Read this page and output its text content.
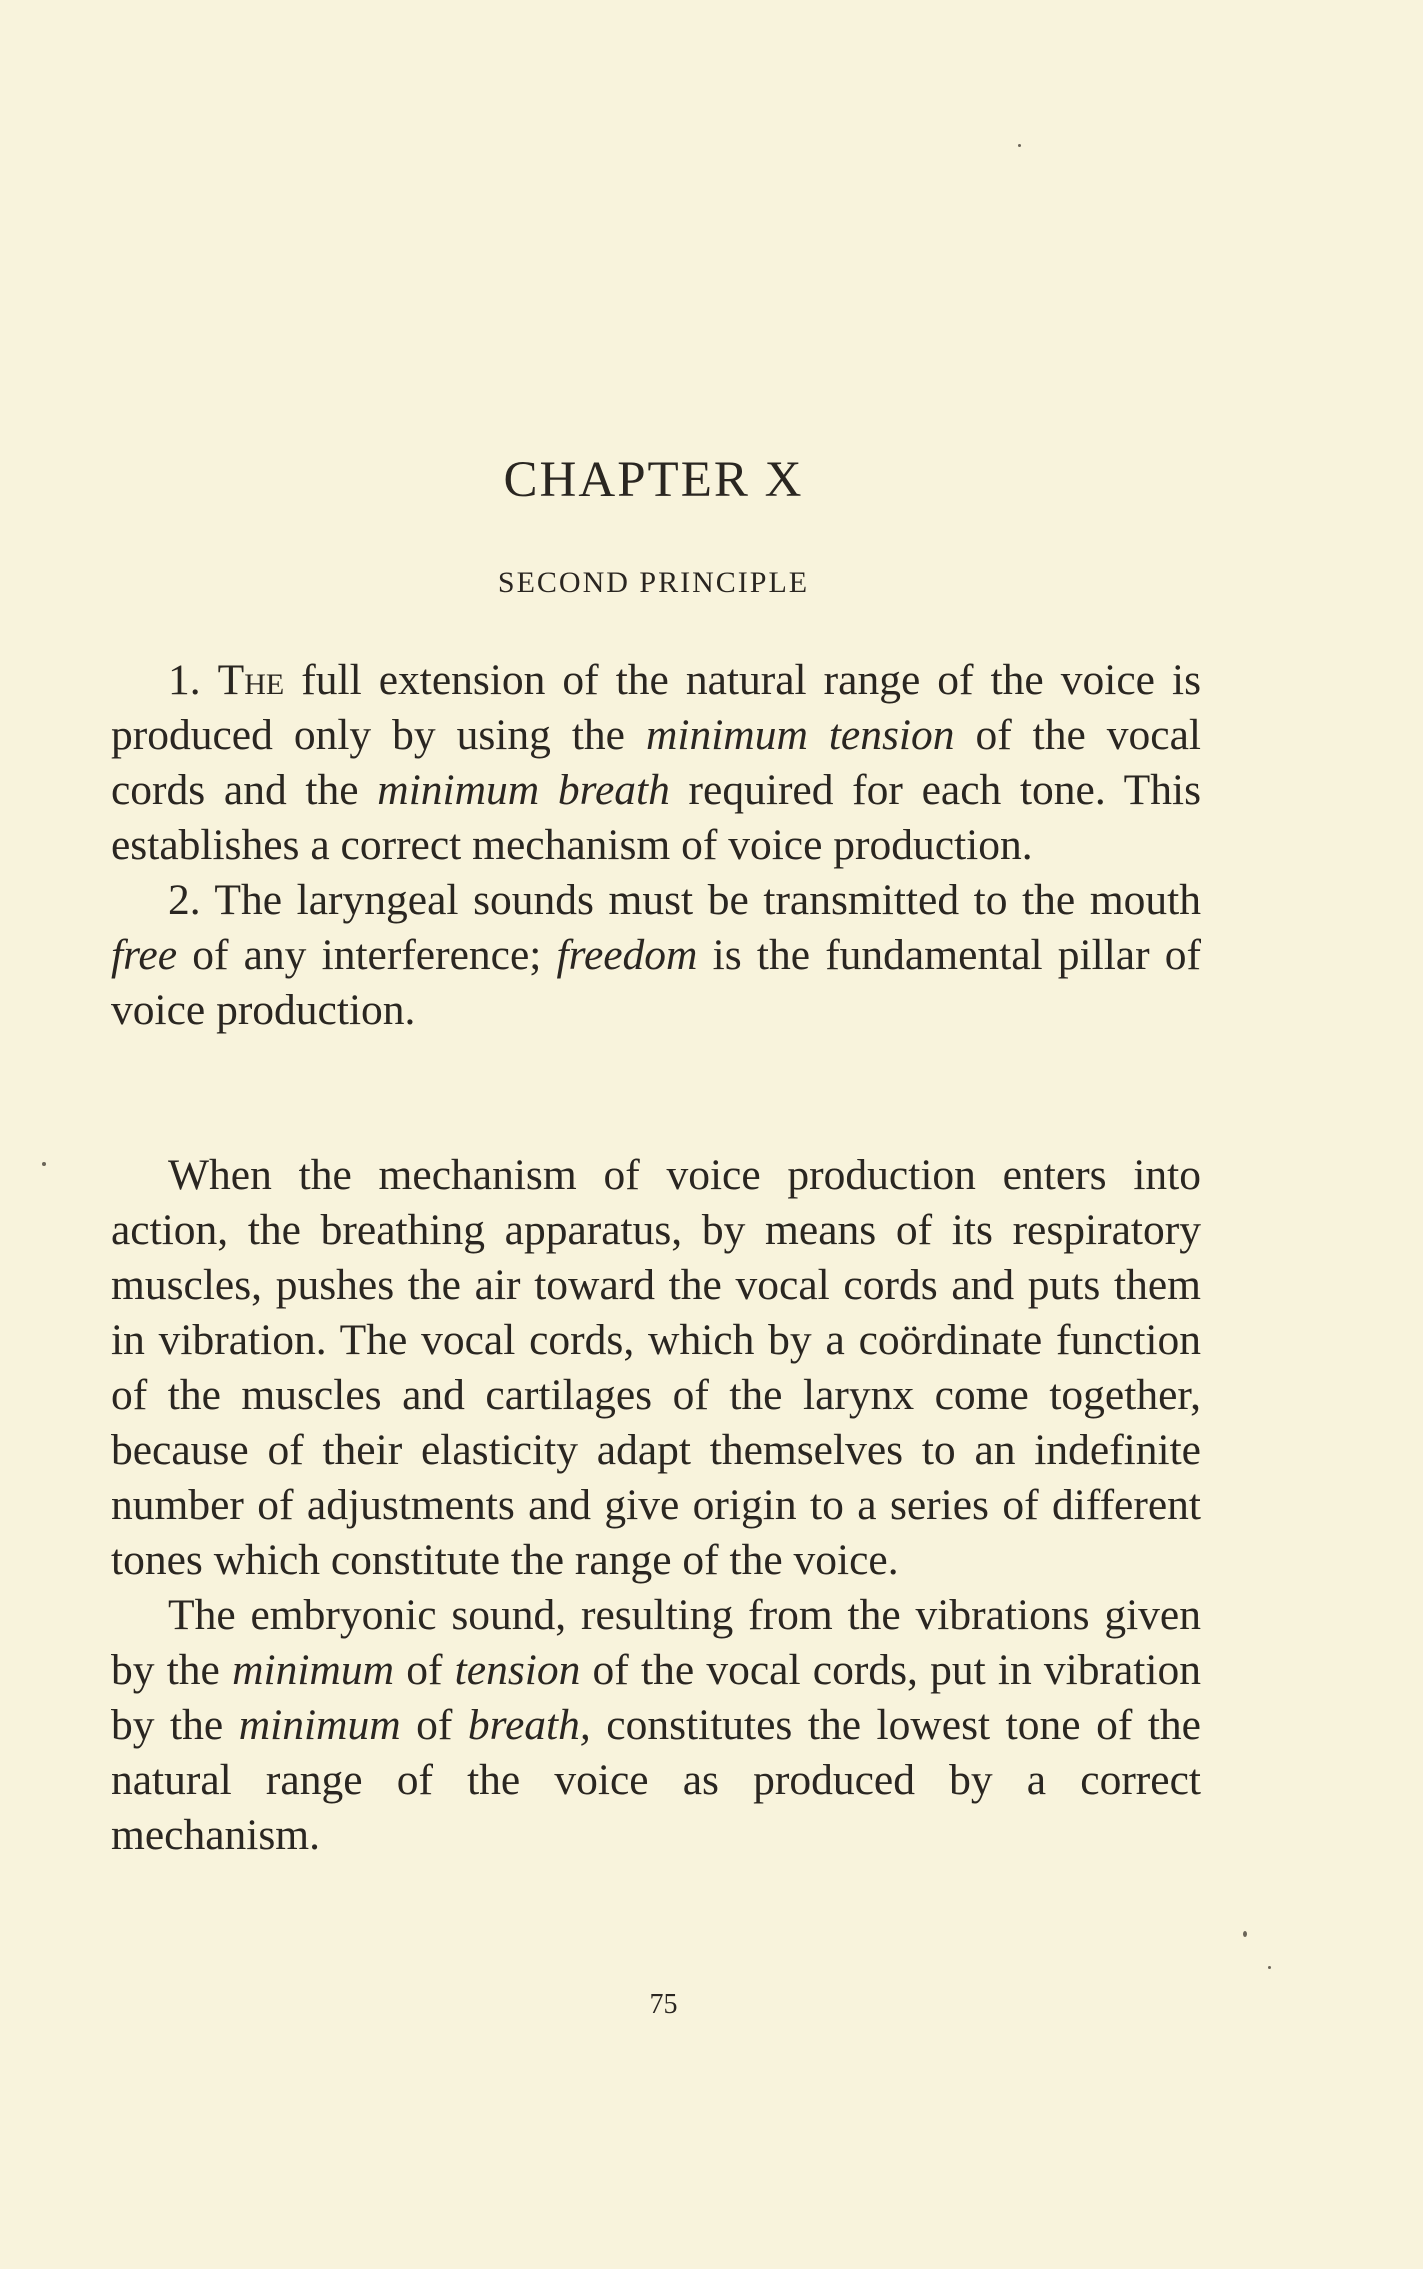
CHAPTER X
SECOND PRINCIPLE

1. The full extension of the natural range of the voice is produced only by using the minimum tension of the vocal cords and the minimum breath required for each tone. This establishes a correct mechanism of voice production.

2. The laryngeal sounds must be transmitted to the mouth free of any interference; freedom is the fundamental pillar of voice production.

When the mechanism of voice production enters into action, the breathing apparatus, by means of its respiratory muscles, pushes the air toward the vocal cords and puts them in vibration. The vocal cords, which by a coördinate function of the muscles and cartilages of the larynx come together, because of their elasticity adapt themselves to an indefinite number of adjustments and give origin to a series of different tones which constitute the range of the voice.

The embryonic sound, resulting from the vibrations given by the minimum of tension of the vocal cords, put in vibration by the minimum of breath, constitutes the lowest tone of the natural range of the voice as produced by a correct mechanism.

75
